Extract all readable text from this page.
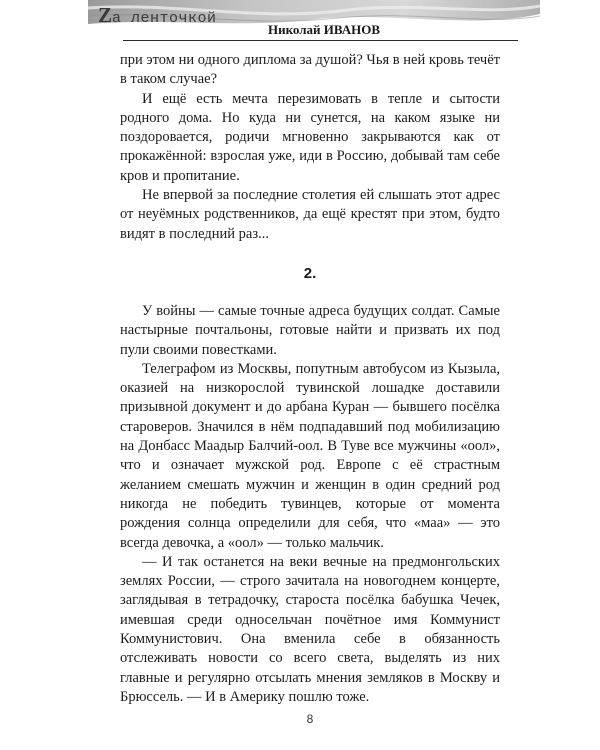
Zа ленточкой
Николай ИВАНОВ

при этом ни одного диплома за душой? Чья в ней кровь течёт в таком случае?

И ещё есть мечта перезимовать в тепле и сытости родного дома. Но куда ни сунется, на каком языке ни поздоровается, родичи мгновенно закрываются как от прокажённой: взрослая уже, иди в Россию, добывай там себе кров и пропитание.

Не впервой за последние столетия ей слышать этот адрес от неуёмных родственников, да ещё крестят при этом, будто видят в последний раз...

2.

У войны — самые точные адреса будущих солдат. Самые настырные почтальоны, готовые найти и призвать их под пули своими повестками.

Телеграфом из Москвы, попутным автобусом из Кызыла, оказией на низкорослой тувинской лошадке доставили призывной документ и до арбана Куран — бывшего посёлка староверов. Значился в нём подпадавший под мобилизацию на Донбасс Маадыр Балчий-оол. В Туве все мужчины «оол», что и означает мужской род. Европе с её страстным желанием смешать мужчин и женщин в один средний род никогда не победить тувинцев, которые от момента рождения солнца определили для себя, что «маа» — это всегда девочка, а «оол» — только мальчик.

— И так останется на веки вечные на предмонгольских землях России, — строго зачитала на новогоднем концерте, заглядывая в тетрадочку, староста посёлка бабушка Чечек, имевшая среди односельчан почётное имя Коммунист Коммунистович. Она вменила себе в обязанность отслеживать новости со всего света, выделять из них главные и регулярно отсылать мнения земляков в Москву и Брюссель. — И в Америку пошлю тоже.

8
